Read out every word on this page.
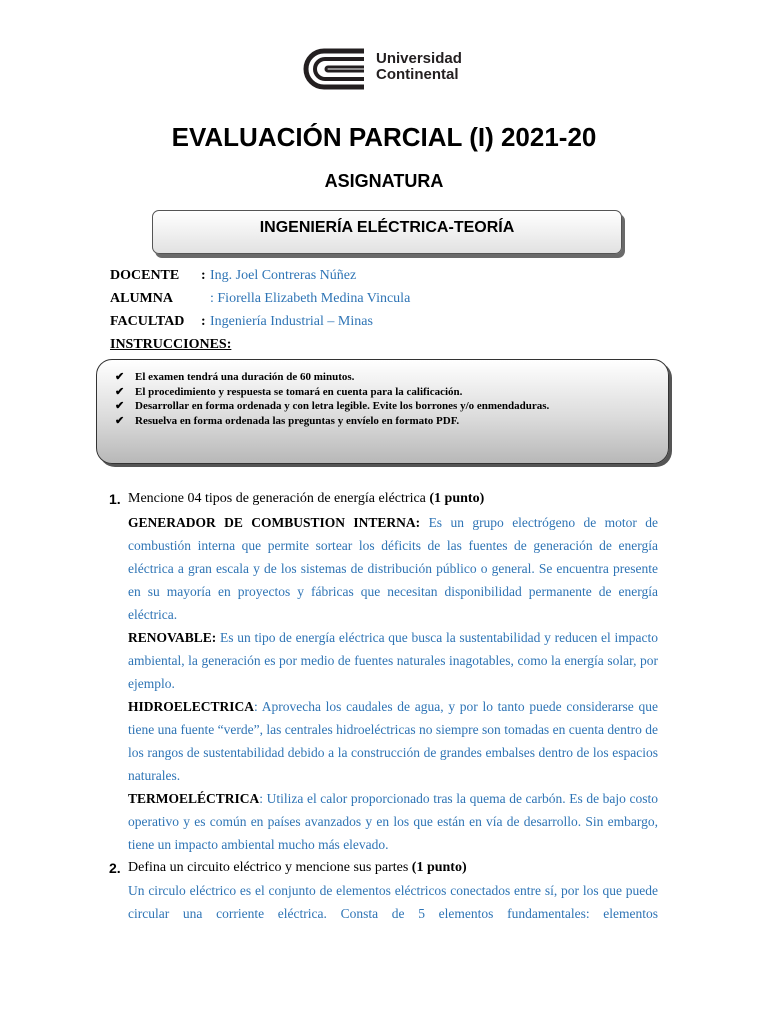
Universidad
Continental
EVALUACIÓN PARCIAL (I) 2021-20
ASIGNATURA
INGENIERÍA ELÉCTRICA-TEORÍA
DOCENTE : Ing. Joel Contreras Núñez
ALUMNA	: Fiorella Elizabeth Medina Vincula
FACULTAD : Ingeniería Industrial – Minas
INSTRUCCIONES:
✔ El examen tendrá una duración de 60 minutos.
✔ El procedimiento y respuesta se tomará en cuenta para la calificación.
✔ Desarrollar en forma ordenada y con letra legible. Evite los borrones y/o enmendaduras.
✔ Resuelva en forma ordenada las preguntas y envíelo en formato PDF.
1. Mencione 04 tipos de generación de energía eléctrica (1 punto)
GENERADOR DE COMBUSTION INTERNA: Es un grupo electrógeno de motor de combustión interna que permite sortear los déficits de las fuentes de generación de energía eléctrica a gran escala y de los sistemas de distribución público o general. Se encuentra presente en su mayoría en proyectos y fábricas que necesitan disponibilidad permanente de energía eléctrica.
RENOVABLE: Es un tipo de energía eléctrica que busca la sustentabilidad y reducen el impacto ambiental, la generación es por medio de fuentes naturales inagotables, como la energía solar, por ejemplo.
HIDROELECTRICA: Aprovecha los caudales de agua, y por lo tanto puede considerarse que tiene una fuente “verde”, las centrales hidroeléctricas no siempre son tomadas en cuenta dentro de los rangos de sustentabilidad debido a la construcción de grandes embalses dentro de los espacios naturales.
TERMOELÉCTRICA: Utiliza el calor proporcionado tras la quema de carbón. Es de bajo costo operativo y es común en países avanzados y en los que están en vía de desarrollo. Sin embargo, tiene un impacto ambiental mucho más elevado.
2. Defina un circuito eléctrico y mencione sus partes (1 punto)
Un circulo eléctrico es el conjunto de elementos eléctricos conectados entre sí, por los que puede circular una corriente eléctrica. Consta de 5 elementos fundamentales: elementos
